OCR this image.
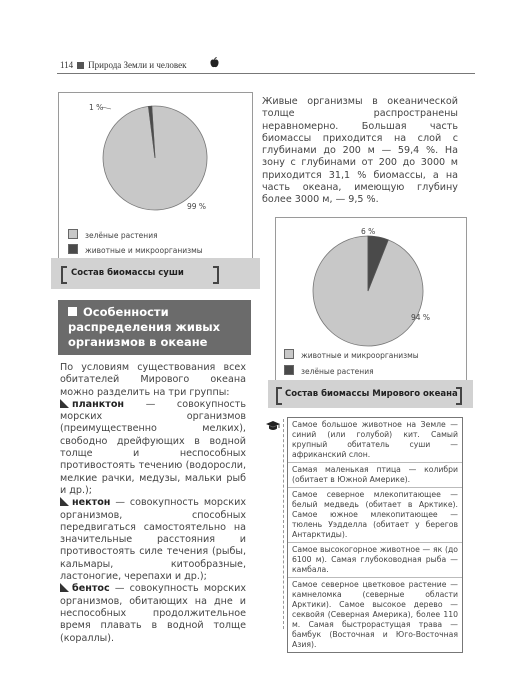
114 Природа Земли и человек
1 %
99 %
зелёные растения
животные и микроорганизмы
Состав биомассы суши
Особенности распределения живых организмов в океане

По условиям существования всех обитателей Мирового океана можно разделить на три группы:

планктон — совокупность морских организмов (преимущественно мелких), свободно дрейфующих в водной толще и неспособных противостоять течению (водоросли, мелкие рачки, медузы, мальки рыб и др.);

нектон — совокупность морских организмов, способных передвигаться самостоятельно на значительные расстояния и противостоять силе течения (рыбы, кальмары, китообразные, ластоногие, черепахи и др.);

бентос — совокупность морских организмов, обитающих на дне и неспособных продолжительное время плавать в водной толще (кораллы).

Живые организмы в океанической толще распространены неравномерно. Большая часть биомассы приходится на слой с глубинами до 200 м — 59,4 %. На зону с глубинами от 200 до 3000 м приходится 31,1 % биомассы, а на часть океана, имеющую глубину более 3000 м, — 9,5 %.

6 %
94 %
животные и микроорганизмы
зелёные растения
Состав биомассы Мирового океана
Самое большое животное на Земле — синий (или голубой) кит. Самый крупный обитатель суши — африканский слон.
Самая маленькая птица — колибри (обитает в Южной Америке).
Самое северное млекопитающее — белый медведь (обитает в Арктике). Самое южное млекопитающее — тюлень Уэдделла (обитает у берегов Антарктиды).
Самое высокогорное животное — як (до 6100 м). Самая глубоководная рыба — камбала.
Самое северное цветковое растение — камнеломка (северные области Арктики). Самое высокое дерево — секвойя (Северная Америка), более 110 м. Самая быстрорастущая трава — бамбук (Восточная и Юго-Восточная Азия).
